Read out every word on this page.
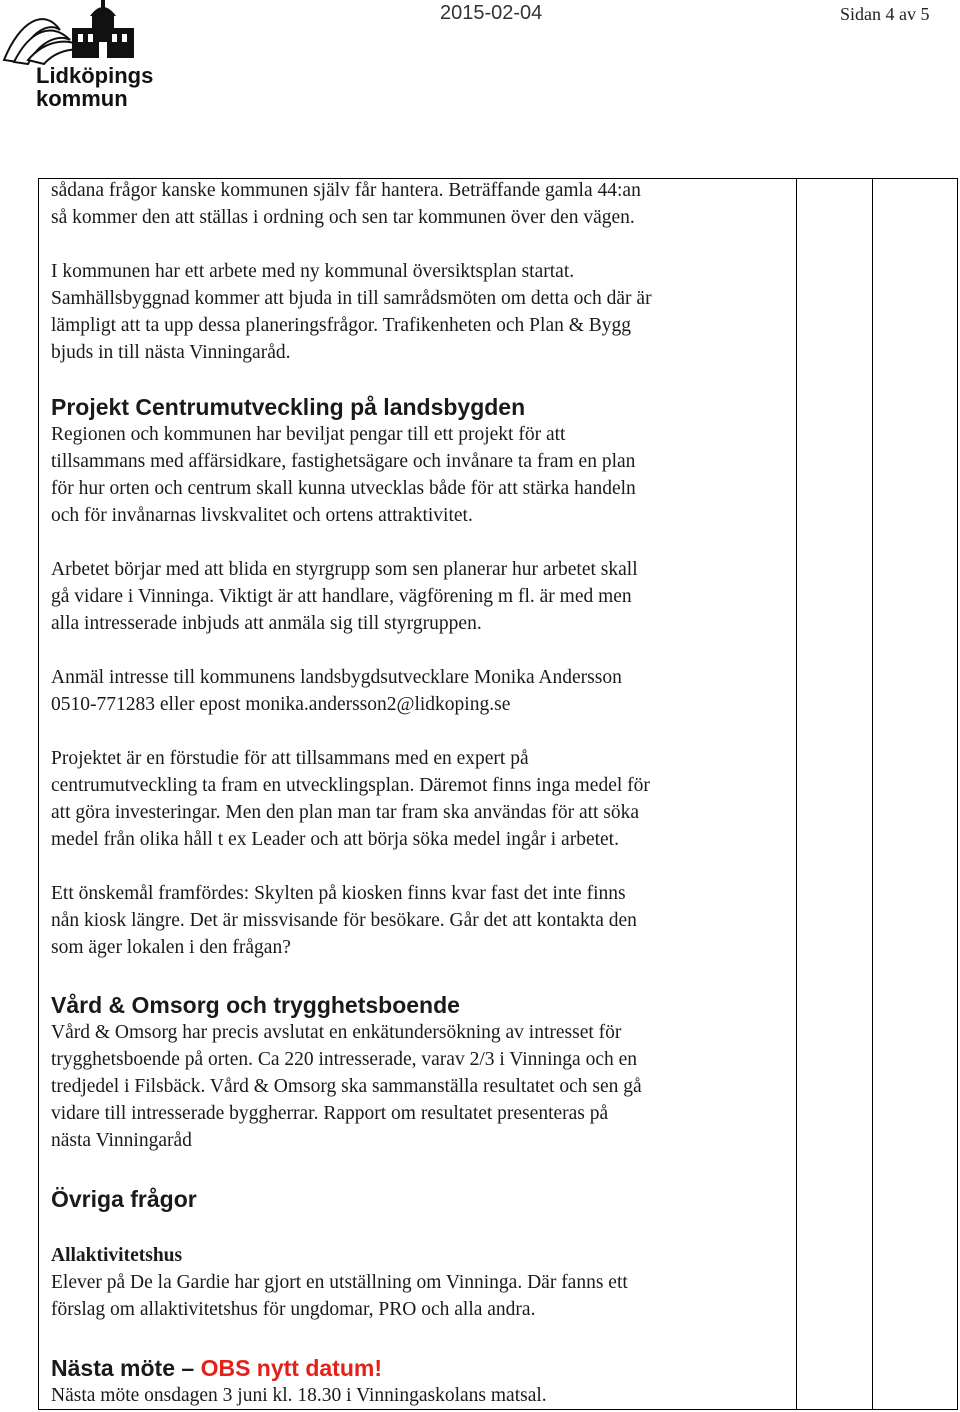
Lidköpings
kommun
2015-02-04	Sidan 4 av 5

sådana frågor kanske kommunen själv får hantera. Beträffande gamla 44:an

så kommer den att ställas i ordning och sen tar kommunen över den vägen.

I kommunen har ett arbete med ny kommunal översiktsplan startat.

Samhällsbyggnad kommer att bjuda in till samrådsmöten om detta och där är

lämpligt att ta upp dessa planeringsfrågor. Trafikenheten och Plan & Bygg

bjuds in till nästa Vinningaråd.

Projekt Centrumutveckling på landsbygden

Regionen och kommunen har beviljat pengar till ett projekt för att

tillsammans med affärsidkare, fastighetsägare och invånare ta fram en plan

för hur orten och centrum skall kunna utvecklas både för att stärka handeln

och för invånarnas livskvalitet och ortens attraktivitet.

Arbetet börjar med att blida en styrgrupp som sen planerar hur arbetet skall

gå vidare i Vinninga. Viktigt är att handlare, vägförening m fl. är med men

alla intresserade inbjuds att anmäla sig till styrgruppen.

Anmäl intresse till kommunens landsbygdsutvecklare Monika Andersson

0510-771283 eller epost monika.andersson2@lidkoping.se

Projektet är en förstudie för att tillsammans med en expert på

centrumutveckling ta fram en utvecklingsplan. Däremot finns inga medel för

att göra investeringar. Men den plan man tar fram ska användas för att söka

medel från olika håll t ex Leader och att börja söka medel ingår i arbetet.

Ett önskemål framfördes: Skylten på kiosken finns kvar fast det inte finns

nån kiosk längre. Det är missvisande för besökare. Går det att kontakta den

som äger lokalen i den frågan?

Vård & Omsorg och trygghetsboende

Vård & Omsorg har precis avslutat en enkätundersökning av intresset för

trygghetsboende på orten. Ca 220 intresserade, varav 2/3 i Vinninga och en

tredjedel i Filsbäck. Vård & Omsorg ska sammanställa resultatet och sen gå

vidare till intresserade byggherrar. Rapport om resultatet presenteras på

nästa Vinningaråd

Övriga frågor

Allaktivitetshus

Elever på De la Gardie har gjort en utställning om Vinninga. Där fanns ett

förslag om allaktivitetshus för ungdomar, PRO och alla andra.

Nästa möte – OBS nytt datum!

Nästa möte onsdagen 3 juni kl. 18.30 i Vinningaskolans matsal.
